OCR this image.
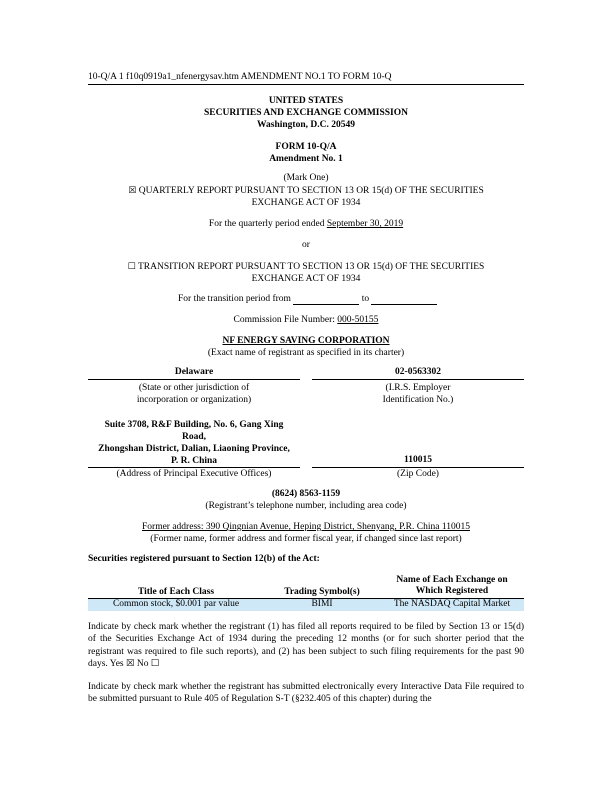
10-Q/A 1 f10q0919a1_nfenergysav.htm AMENDMENT NO.1 TO FORM 10-Q
UNITED STATES
SECURITIES AND EXCHANGE COMMISSION
Washington, D.C. 20549
FORM 10-Q/A
Amendment No. 1
(Mark One)
☒ QUARTERLY REPORT PURSUANT TO SECTION 13 OR 15(d) OF THE SECURITIES
EXCHANGE ACT OF 1934
For the quarterly period ended September 30, 2019
or
☐ TRANSITION REPORT PURSUANT TO SECTION 13 OR 15(d) OF THE SECURITIES
EXCHANGE ACT OF 1934
For the transition period from	to
Commission File Number: 000-50155
NF ENERGY SAVING CORPORATION
(Exact name of registrant as specified in its charter)
Delaware	02-0563302
(State or other jurisdiction of
incorporation or organization)
(I.R.S. Employer
Identification No.)
Suite 3708, R&F Building, No. 6, Gang Xing
Road,
Zhongshan District, Dalian, Liaoning Province,
P. R. China	110015
(Address of Principal Executive Offices)	(Zip Code)
(8624) 8563-1159
(Registrant’s telephone number, including area code)
Former address: 390 Qingnian Avenue, Heping District, Shenyang, P.R. China 110015
(Former name, former address and former fiscal year, if changed since last report)
Securities registered pursuant to Section 12(b) of the Act:
Title of Each Class	Trading Symbol(s)
Name of Each Exchange on
Which Registered
Common stock, $0.001 par value	BIMI	The NASDAQ Capital Market
Indicate by check mark whether the registrant (1) has filed all reports required to be filed by Section 13 or 15(d) of the Securities Exchange Act of 1934 during the preceding 12 months (or for such shorter period that the registrant was required to file such reports), and (2) has been subject to such filing requirements for the past 90 days. Yes ☒ No ☐
Indicate by check mark whether the registrant has submitted electronically every Interactive Data File required to be submitted pursuant to Rule 405 of Regulation S-T (§232.405 of this chapter) during the
